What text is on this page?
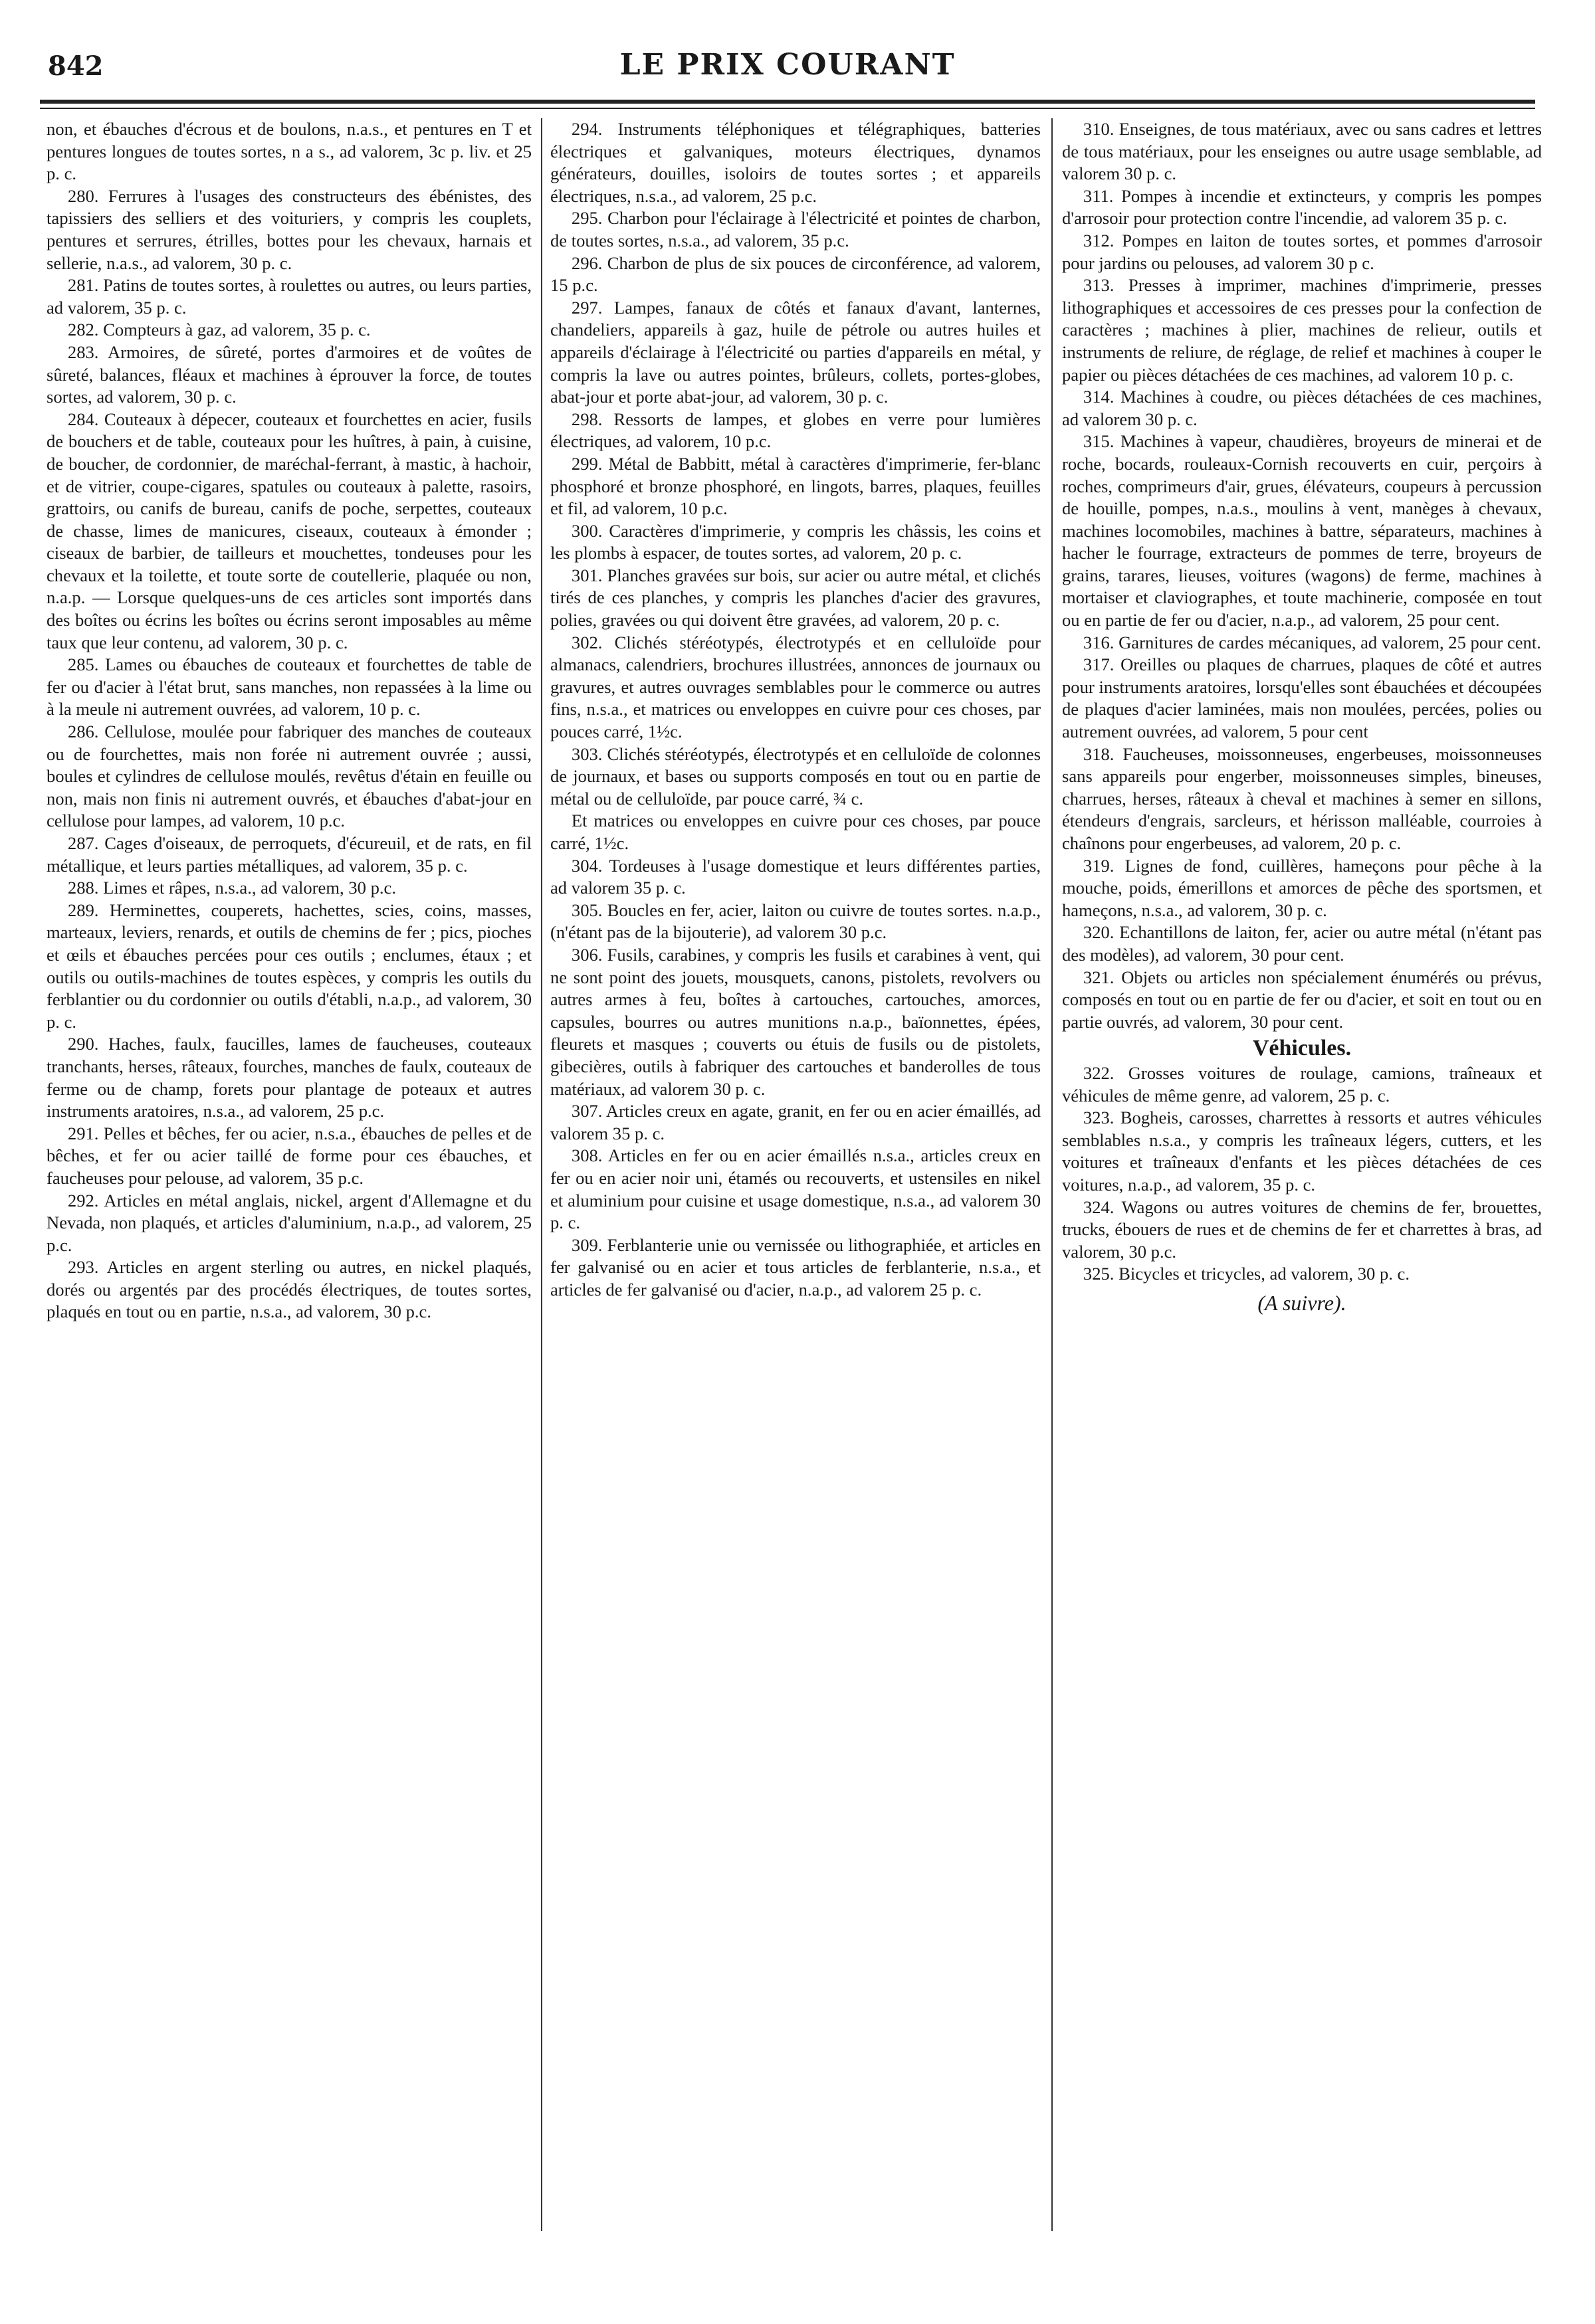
842	LE PRIX COURANT

non, et ébauches d'écrous et de boulons, n.a.s., et pentures en T et pentures longues de toutes sortes, n a s., ad valorem, 3c p. liv. et 25 p. c.

280. Ferrures à l'usages des constructeurs des ébénistes, des tapissiers des selliers et des voituriers, y compris les couplets, pentures et serrures, étrilles, bottes pour les chevaux, harnais et sellerie, n.a.s., ad valorem, 30 p. c.

281. Patins de toutes sortes, à roulettes ou autres, ou leurs parties, ad valorem, 35 p. c.

282. Compteurs à gaz, ad valorem, 35 p. c.

283. Armoires, de sûreté, portes d'armoires et de voûtes de sûreté, balances, fléaux et machines à éprouver la force, de toutes sortes, ad valorem, 30 p. c.

284. Couteaux à dépecer, couteaux et fourchettes en acier, fusils de bouchers et de table, couteaux pour les huîtres, à pain, à cuisine, de boucher, de cordonnier, de maréchal-ferrant, à mastic, à hachoir, et de vitrier, coupe-cigares, spatules ou couteaux à palette, rasoirs, grattoirs, ou canifs de bureau, canifs de poche, serpettes, couteaux de chasse, limes de manicures, ciseaux, couteaux à émonder ; ciseaux de barbier, de tailleurs et mouchettes, tondeuses pour les chevaux et la toilette, et toute sorte de coutellerie, plaquée ou non, n.a.p. — Lorsque quelques-uns de ces articles sont importés dans des boîtes ou écrins les boîtes ou écrins seront imposables au même taux que leur contenu, ad valorem, 30 p. c.

285. Lames ou ébauches de couteaux et fourchettes de table de fer ou d'acier à l'état brut, sans manches, non repassées à la lime ou à la meule ni autrement ouvrées, ad valorem, 10 p. c.

286. Cellulose, moulée pour fabriquer des manches de couteaux ou de fourchettes, mais non forée ni autrement ouvrée ; aussi, boules et cylindres de cellulose moulés, revêtus d'étain en feuille ou non, mais non finis ni autrement ouvrés, et ébauches d'abat-jour en cellulose pour lampes, ad valorem, 10 p.c.

287. Cages d'oiseaux, de perroquets, d'écureuil, et de rats, en fil métallique, et leurs parties métalliques, ad valorem, 35 p. c.

288. Limes et râpes, n.s.a., ad valorem, 30 p.c.

289. Herminettes, couperets, hachettes, scies, coins, masses, marteaux, leviers, renards, et outils de chemins de fer ; pics, pioches et œils et ébauches percées pour ces outils ; enclumes, étaux ; et outils ou outils-machines de toutes espèces, y compris les outils du ferblantier ou du cordonnier ou outils d'établi, n.a.p., ad valorem, 30 p. c.

290. Haches, faulx, faucilles, lames de faucheuses, couteaux tranchants, herses, râteaux, fourches, manches de faulx, couteaux de ferme ou de champ, forets pour plantage de poteaux et autres instruments aratoires, n.s.a., ad valorem, 25 p.c.

291. Pelles et bêches, fer ou acier, n.s.a., ébauches de pelles et de bêches, et fer ou acier taillé de forme pour ces ébauches, et faucheuses pour pelouse, ad valorem, 35 p.c.

292. Articles en métal anglais, nickel, argent d'Allemagne et du Nevada, non plaqués, et articles d'aluminium, n.a.p., ad valorem, 25 p.c.

293. Articles en argent sterling ou autres, en nickel plaqués, dorés ou argentés par des procédés électriques, de toutes sortes, plaqués en tout ou en partie, n.s.a., ad valorem, 30 p.c.

294. Instruments téléphoniques et télégraphiques, batteries électriques et galvaniques, moteurs électriques, dynamos générateurs, douilles, isoloirs de toutes sortes ; et appareils électriques, n.s.a., ad valorem, 25 p.c.

295. Charbon pour l'éclairage à l'électricité et pointes de charbon, de toutes sortes, n.s.a., ad valorem, 35 p.c.

296. Charbon de plus de six pouces de circonférence, ad valorem, 15 p.c.

297. Lampes, fanaux de côtés et fanaux d'avant, lanternes, chandeliers, appareils à gaz, huile de pétrole ou autres huiles et appareils d'éclairage à l'électricité ou parties d'appareils en métal, y compris la lave ou autres pointes, brûleurs, collets, portes-globes, abat-jour et porte abat-jour, ad valorem, 30 p. c.

298. Ressorts de lampes, et globes en verre pour lumières électriques, ad valorem, 10 p.c.

299. Métal de Babbitt, métal à caractères d'imprimerie, fer-blanc phosphoré et bronze phosphoré, en lingots, barres, plaques, feuilles et fil, ad valorem, 10 p.c.

300. Caractères d'imprimerie, y compris les châssis, les coins et les plombs à espacer, de toutes sortes, ad valorem, 20 p. c.

301. Planches gravées sur bois, sur acier ou autre métal, et clichés tirés de ces planches, y compris les planches d'acier des gravures, polies, gravées ou qui doivent être gravées, ad valorem, 20 p. c.

302. Clichés stéréotypés, électrotypés et en celluloïde pour almanacs, calendriers, brochures illustrées, annonces de journaux ou gravures, et autres ouvrages semblables pour le commerce ou autres fins, n.s.a., et matrices ou enveloppes en cuivre pour ces choses, par pouces carré, 1½c.

303. Clichés stéréotypés, électrotypés et en celluloïde de colonnes de journaux, et bases ou supports composés en tout ou en partie de métal ou de celluloïde, par pouce carré, ¾ c.

Et matrices ou enveloppes en cuivre pour ces choses, par pouce carré, 1½c.

304. Tordeuses à l'usage domestique et leurs différentes parties, ad valorem 35 p. c.

305. Boucles en fer, acier, laiton ou cuivre de toutes sortes. n.a.p., (n'étant pas de la bijouterie), ad valorem 30 p.c.

306. Fusils, carabines, y compris les fusils et carabines à vent, qui ne sont point des jouets, mousquets, canons, pistolets, revolvers ou autres armes à feu, boîtes à cartouches, cartouches, amorces, capsules, bourres ou autres munitions n.a.p., baïonnettes, épées, fleurets et masques ; couverts ou étuis de fusils ou de pistolets, gibecières, outils à fabriquer des cartouches et banderolles de tous matériaux, ad valorem 30 p. c.

307. Articles creux en agate, granit, en fer ou en acier émaillés, ad valorem 35 p. c.

308. Articles en fer ou en acier émaillés n.s.a., articles creux en fer ou en acier noir uni, étamés ou recouverts, et ustensiles en nikel et aluminium pour cuisine et usage domestique, n.s.a., ad valorem 30 p. c.

309. Ferblanterie unie ou vernissée ou lithographiée, et articles en fer galvanisé ou en acier et tous articles de ferblanterie, n.s.a., et articles de fer galvanisé ou d'acier, n.a.p., ad valorem 25 p. c.

310. Enseignes, de tous matériaux, avec ou sans cadres et lettres de tous matériaux, pour les enseignes ou autre usage semblable, ad valorem 30 p. c.

311. Pompes à incendie et extincteurs, y compris les pompes d'arrosoir pour protection contre l'incendie, ad valorem 35 p. c.

312. Pompes en laiton de toutes sortes, et pommes d'arrosoir pour jardins ou pelouses, ad valorem 30 p c.

313. Presses à imprimer, machines d'imprimerie, presses lithographiques et accessoires de ces presses pour la confection de caractères ; machines à plier, machines de relieur, outils et instruments de reliure, de réglage, de relief et machines à couper le papier ou pièces détachées de ces machines, ad valorem 10 p. c.

314. Machines à coudre, ou pièces détachées de ces machines, ad valorem 30 p. c.

315. Machines à vapeur, chaudières, broyeurs de minerai et de roche, bocards, rouleaux-Cornish recouverts en cuir, perçoirs à roches, comprimeurs d'air, grues, élévateurs, coupeurs à percussion de houille, pompes, n.a.s., moulins à vent, manèges à chevaux, machines locomobiles, machines à battre, séparateurs, machines à hacher le fourrage, extracteurs de pommes de terre, broyeurs de grains, tarares, lieuses, voitures (wagons) de ferme, machines à mortaiser et claviographes, et toute machinerie, composée en tout ou en partie de fer ou d'acier, n.a.p., ad valorem, 25 pour cent.

316. Garnitures de cardes mécaniques, ad valorem, 25 pour cent.

317. Oreilles ou plaques de charrues, plaques de côté et autres pour instruments aratoires, lorsqu'elles sont ébauchées et découpées de plaques d'acier laminées, mais non moulées, percées, polies ou autrement ouvrées, ad valorem, 5 pour cent

318. Faucheuses, moissonneuses, engerbeuses, moissonneuses sans appareils pour engerber, moissonneuses simples, bineuses, charrues, herses, râteaux à cheval et machines à semer en sillons, étendeurs d'engrais, sarcleurs, et hérisson malléable, courroies à chaînons pour engerbeuses, ad valorem, 20 p. c.

319. Lignes de fond, cuillères, hameçons pour pêche à la mouche, poids, émerillons et amorces de pêche des sportsmen, et hameçons, n.s.a., ad valorem, 30 p. c.

320. Echantillons de laiton, fer, acier ou autre métal (n'étant pas des modèles), ad valorem, 30 pour cent.

321. Objets ou articles non spécialement énumérés ou prévus, composés en tout ou en partie de fer ou d'acier, et soit en tout ou en partie ouvrés, ad valorem, 30 pour cent.

Véhicules.

322. Grosses voitures de roulage, camions, traîneaux et véhicules de même genre, ad valorem, 25 p. c.

323. Bogheis, carosses, charrettes à ressorts et autres véhicules semblables n.s.a., y compris les traîneaux légers, cutters, et les voitures et traîneaux d'enfants et les pièces détachées de ces voitures, n.a.p., ad valorem, 35 p. c.

324. Wagons ou autres voitures de chemins de fer, brouettes, trucks, ébouers de rues et de chemins de fer et charrettes à bras, ad valorem, 30 p.c.

325. Bicycles et tricycles, ad valorem, 30 p. c.

(A suivre).
